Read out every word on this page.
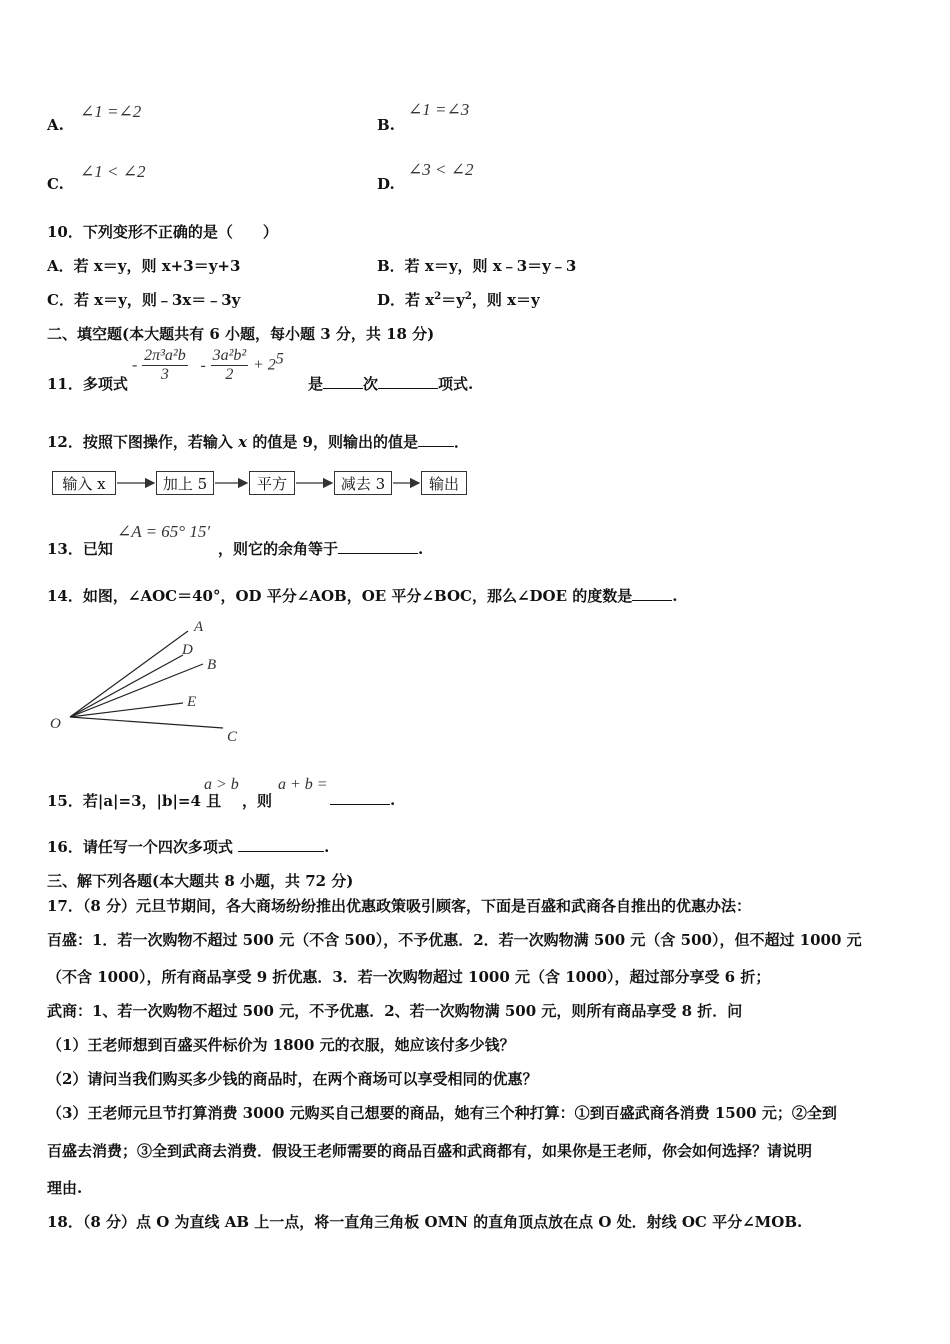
A.
∠1 =∠2
B.
∠1 =∠3
C.
∠1 < ∠2
D.
∠3 < ∠2
10．下列变形不正确的是（　　）
A．若 x＝y，则 x+3＝y+3	B．若 x＝y，则 x﹣3＝y﹣3
C．若 x＝y，则﹣3x＝﹣3y	D．若 $x^2=y^2$，则 x＝y
二、填空题(本大题共有 6 小题，每小题 3 分，共 18 分)
11．多项式
- $\frac{\text{2π³a²b}}{3} - \frac{\text{3a²b²}}{2} + 2^5$
是	次	项式.
12．按照下图操作，若输入 x 的值是 9，则输出的值是 ．
输入 x	加上 5	平方	减去 3	输出
13．已知
∠A = 65° 15′
，则它的余角等于	.
14．如图，∠AOC＝40°，OD 平分∠AOB，OE 平分∠BOC，那么∠DOE 的度数是	.
O
A
D
B
E
C
15．若|a|=3，|b|=4 且
a > b
，则
a + b =
.
16．请任写一个四次多项式	.
三、解下列各题(本大题共 8 小题，共 72 分)
17．（8 分）元旦节期间，各大商场纷纷推出优惠政策吸引顾客，下面是百盛和武商各自推出的优惠办法：
百盛：1．若一次购物不超过 500 元（不含 500），不予优惠．2．若一次购物满 500 元（含 500），但不超过 1000 元
（不含 1000），所有商品享受 9 折优惠．3．若一次购物超过 1000 元（含 1000），超过部分享受 6 折；
武商：1、若一次购物不超过 500 元，不予优惠．2、若一次购物满 500 元，则所有商品享受 8 折．问
（1）王老师想到百盛买件标价为 1800 元的衣服，她应该付多少钱？
（2）请问当我们购买多少钱的商品时，在两个商场可以享受相同的优惠？
（3）王老师元旦节打算消费 3000 元购买自己想要的商品，她有三个种打算：①到百盛武商各消费 1500 元；②全到
百盛去消费；③全到武商去消费．假设王老师需要的商品百盛和武商都有，如果你是王老师，你会如何选择？请说明
理由.
18．（8 分）点 O 为直线 AB 上一点，将一直角三角板 OMN 的直角顶点放在点 O 处．射线 OC 平分∠MOB.
